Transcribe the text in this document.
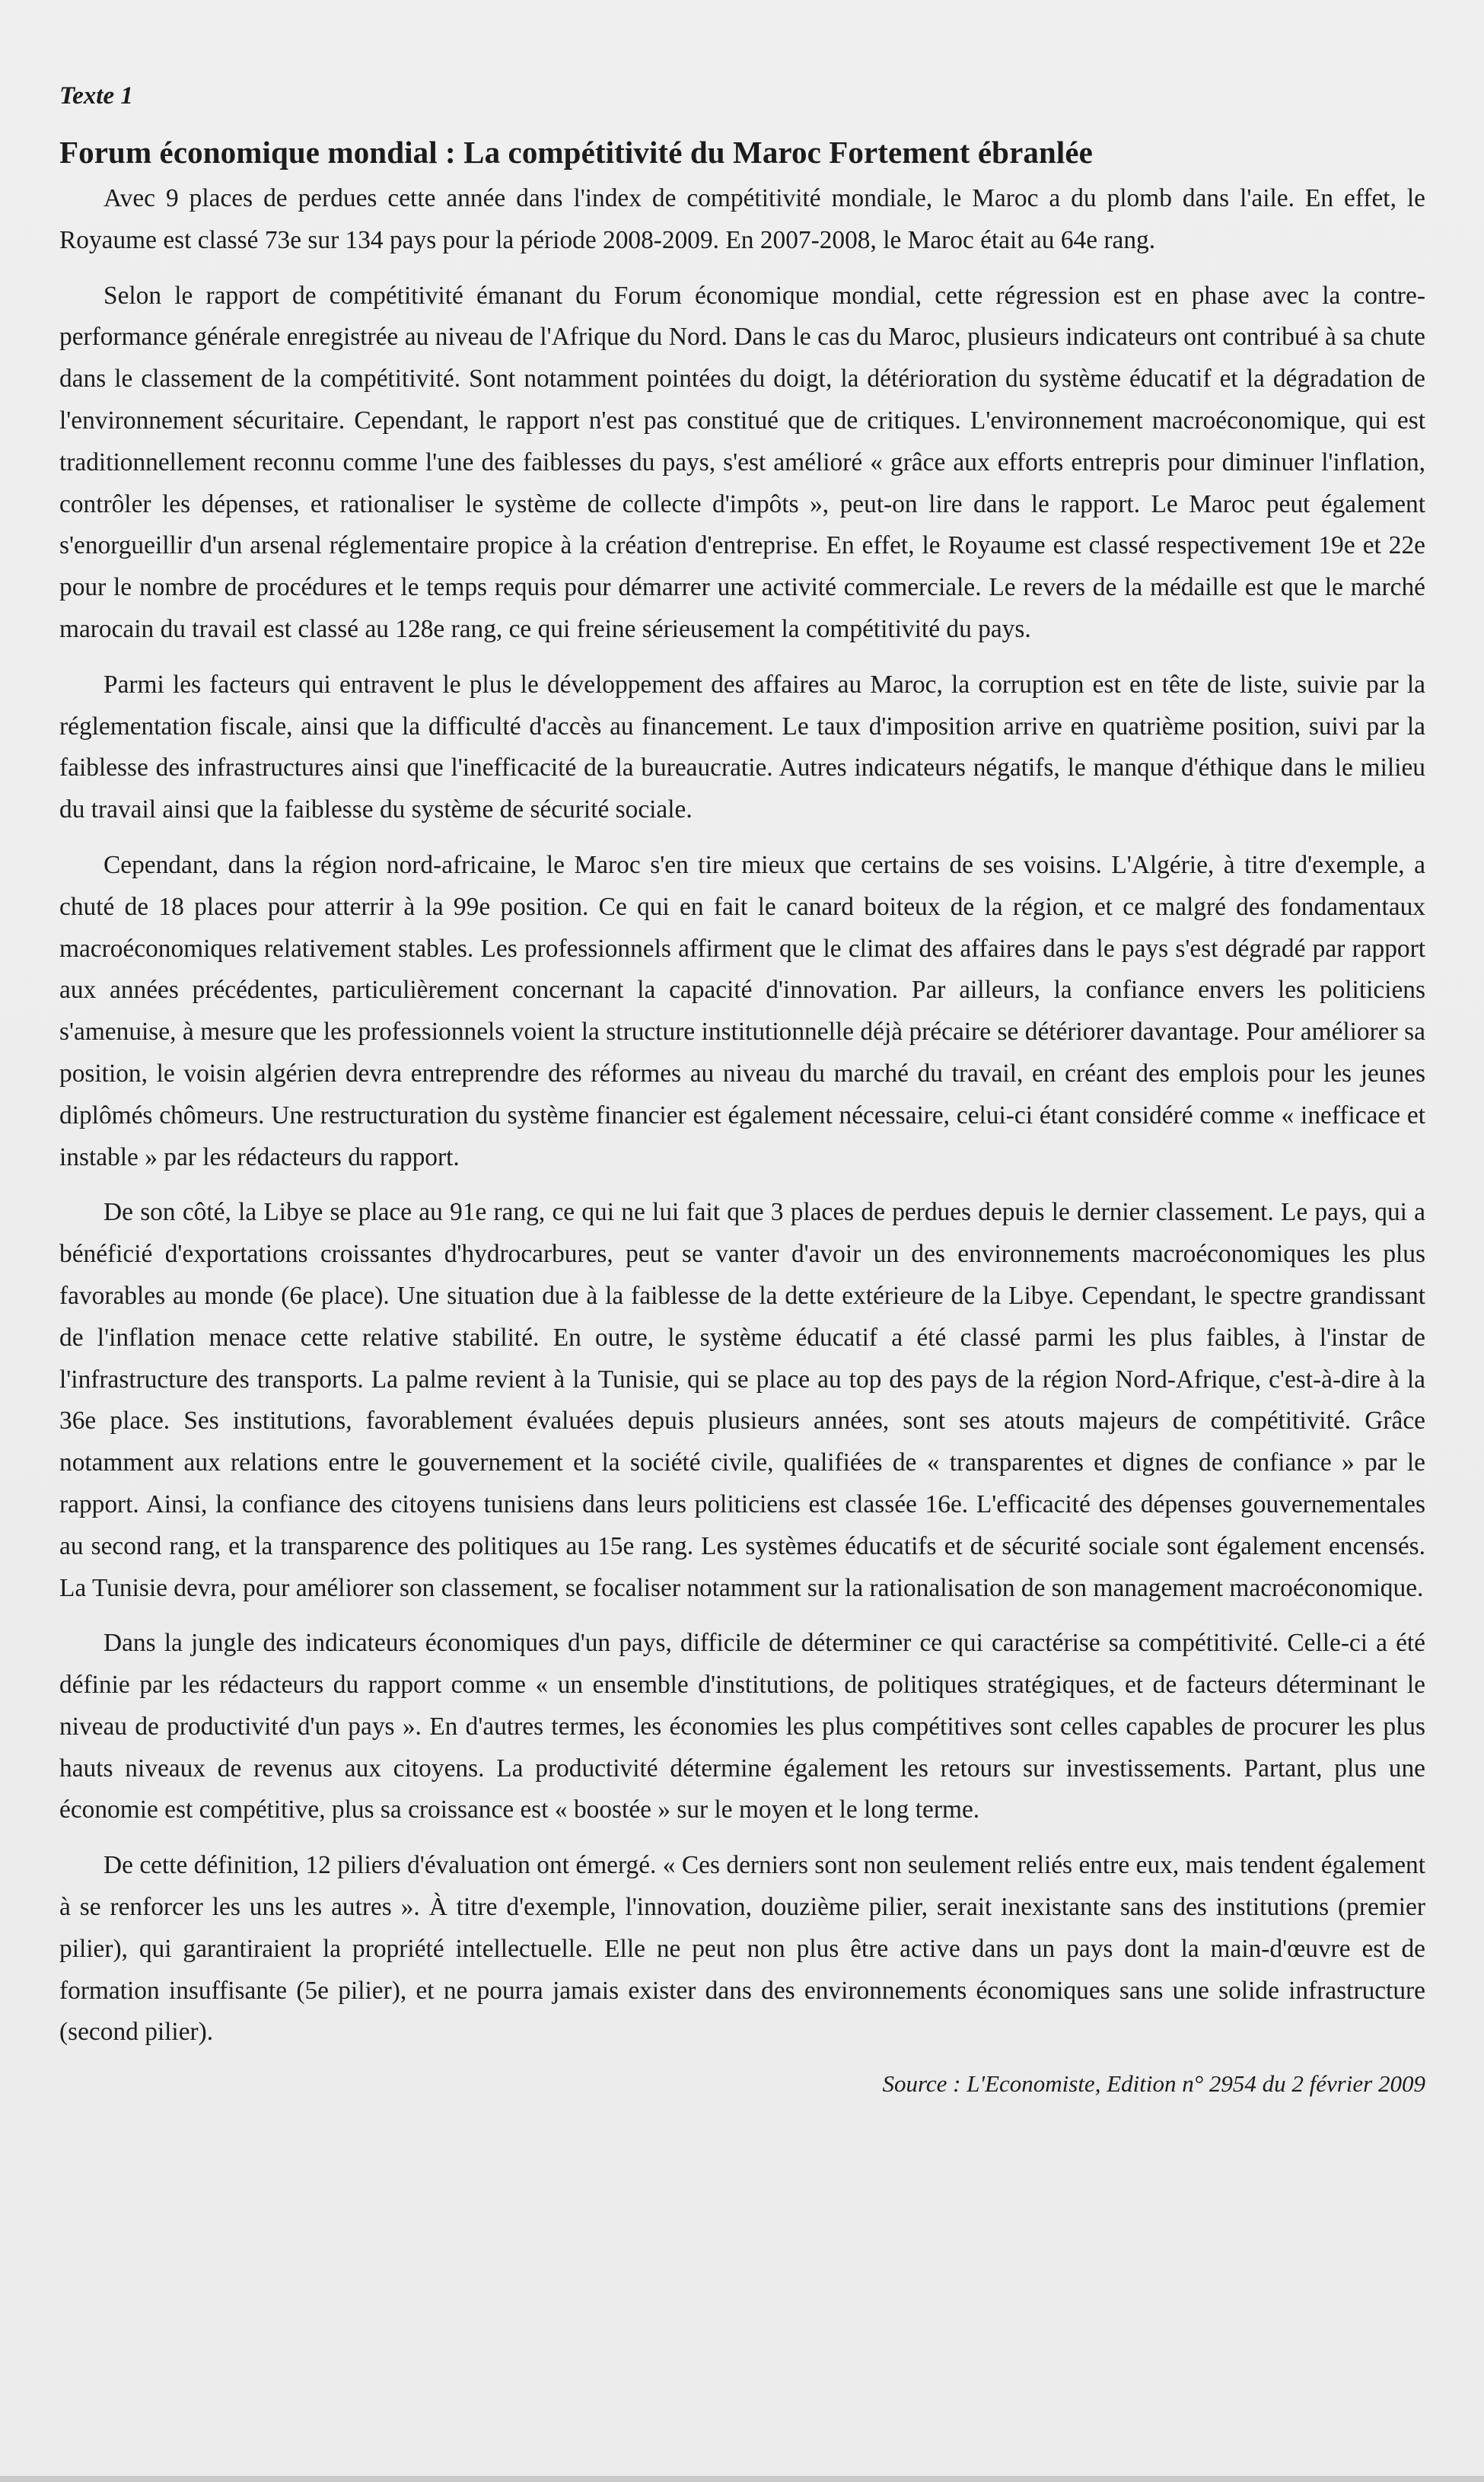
Texte 1
Forum économique mondial : La compétitivité du Maroc Fortement ébranlée

Avec 9 places de perdues cette année dans l'index de compétitivité mondiale, le Maroc a du plomb dans l'aile. En effet, le Royaume est classé 73e sur 134 pays pour la période 2008-2009. En 2007-2008, le Maroc était au 64e rang.

Selon le rapport de compétitivité émanant du Forum économique mondial, cette régression est en phase avec la contre-performance générale enregistrée au niveau de l'Afrique du Nord. Dans le cas du Maroc, plusieurs indicateurs ont contribué à sa chute dans le classement de la compétitivité. Sont notamment pointées du doigt, la détérioration du système éducatif et la dégradation de l'environnement sécuritaire. Cependant, le rapport n'est pas constitué que de critiques. L'environnement macroéconomique, qui est traditionnellement reconnu comme l'une des faiblesses du pays, s'est amélioré « grâce aux efforts entrepris pour diminuer l'inflation, contrôler les dépenses, et rationaliser le système de collecte d'impôts », peut-on lire dans le rapport. Le Maroc peut également s'enorgueillir d'un arsenal réglementaire propice à la création d'entreprise. En effet, le Royaume est classé respectivement 19e et 22e pour le nombre de procédures et le temps requis pour démarrer une activité commerciale. Le revers de la médaille est que le marché marocain du travail est classé au 128e rang, ce qui freine sérieusement la compétitivité du pays.

Parmi les facteurs qui entravent le plus le développement des affaires au Maroc, la corruption est en tête de liste, suivie par la réglementation fiscale, ainsi que la difficulté d'accès au financement. Le taux d'imposition arrive en quatrième position, suivi par la faiblesse des infrastructures ainsi que l'inefficacité de la bureaucratie. Autres indicateurs négatifs, le manque d'éthique dans le milieu du travail ainsi que la faiblesse du système de sécurité sociale.

Cependant, dans la région nord-africaine, le Maroc s'en tire mieux que certains de ses voisins. L'Algérie, à titre d'exemple, a chuté de 18 places pour atterrir à la 99e position. Ce qui en fait le canard boiteux de la région, et ce malgré des fondamentaux macroéconomiques relativement stables. Les professionnels affirment que le climat des affaires dans le pays s'est dégradé par rapport aux années précédentes, particulièrement concernant la capacité d'innovation. Par ailleurs, la confiance envers les politiciens s'amenuise, à mesure que les professionnels voient la structure institutionnelle déjà précaire se détériorer davantage. Pour améliorer sa position, le voisin algérien devra entreprendre des réformes au niveau du marché du travail, en créant des emplois pour les jeunes diplômés chômeurs. Une restructuration du système financier est également nécessaire, celui-ci étant considéré comme « inefficace et instable » par les rédacteurs du rapport.

De son côté, la Libye se place au 91e rang, ce qui ne lui fait que 3 places de perdues depuis le dernier classement. Le pays, qui a bénéficié d'exportations croissantes d'hydrocarbures, peut se vanter d'avoir un des environnements macroéconomiques les plus favorables au monde (6e place). Une situation due à la faiblesse de la dette extérieure de la Libye. Cependant, le spectre grandissant de l'inflation menace cette relative stabilité. En outre, le système éducatif a été classé parmi les plus faibles, à l'instar de l'infrastructure des transports. La palme revient à la Tunisie, qui se place au top des pays de la région Nord-Afrique, c'est-à-dire à la 36e place. Ses institutions, favorablement évaluées depuis plusieurs années, sont ses atouts majeurs de compétitivité. Grâce notamment aux relations entre le gouvernement et la société civile, qualifiées de « transparentes et dignes de confiance » par le rapport. Ainsi, la confiance des citoyens tunisiens dans leurs politiciens est classée 16e. L'efficacité des dépenses gouvernementales au second rang, et la transparence des politiques au 15e rang. Les systèmes éducatifs et de sécurité sociale sont également encensés. La Tunisie devra, pour améliorer son classement, se focaliser notamment sur la rationalisation de son management macroéconomique.

Dans la jungle des indicateurs économiques d'un pays, difficile de déterminer ce qui caractérise sa compétitivité. Celle-ci a été définie par les rédacteurs du rapport comme « un ensemble d'institutions, de politiques stratégiques, et de facteurs déterminant le niveau de productivité d'un pays ». En d'autres termes, les économies les plus compétitives sont celles capables de procurer les plus hauts niveaux de revenus aux citoyens. La productivité détermine également les retours sur investissements. Partant, plus une économie est compétitive, plus sa croissance est « boostée » sur le moyen et le long terme.

De cette définition, 12 piliers d'évaluation ont émergé. « Ces derniers sont non seulement reliés entre eux, mais tendent également à se renforcer les uns les autres ». À titre d'exemple, l'innovation, douzième pilier, serait inexistante sans des institutions (premier pilier), qui garantiraient la propriété intellectuelle. Elle ne peut non plus être active dans un pays dont la main-d'œuvre est de formation insuffisante (5e pilier), et ne pourra jamais exister dans des environnements économiques sans une solide infrastructure (second pilier).

Source : L'Economiste, Edition n° 2954 du 2 février 2009
